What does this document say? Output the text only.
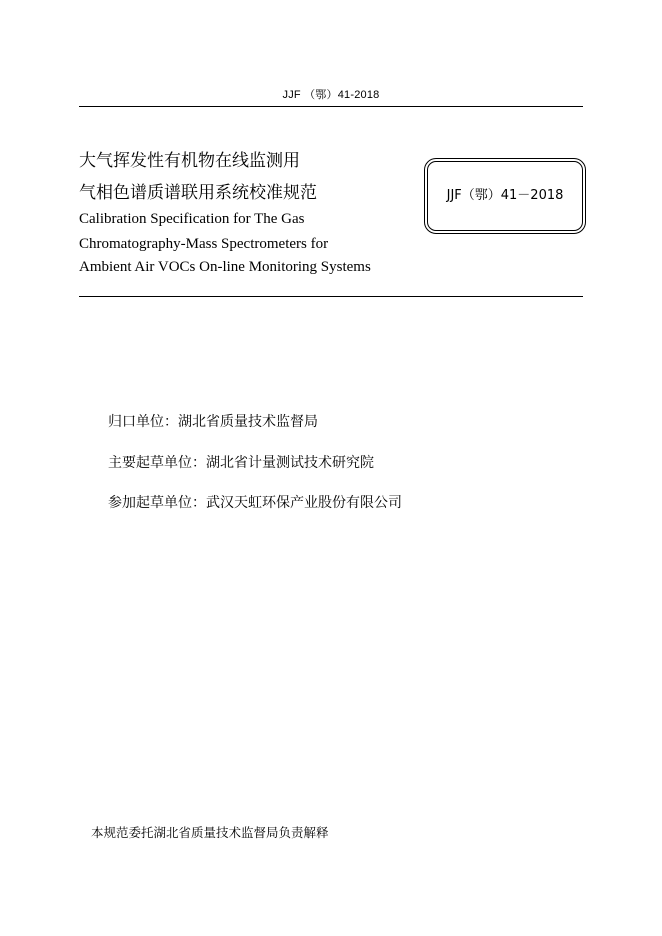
JJF （鄂）41-2018
大气挥发性有机物在线监测用
气相色谱质谱联用系统校准规范
Calibration Specification for The Gas
Chromatography-Mass Spectrometers for
Ambient Air VOCs On-line Monitoring Systems
JJF（鄂）41－2018
归口单位：湖北省质量技术监督局
主要起草单位：湖北省计量测试技术研究院
参加起草单位：武汉天虹环保产业股份有限公司
本规范委托湖北省质量技术监督局负责解释
